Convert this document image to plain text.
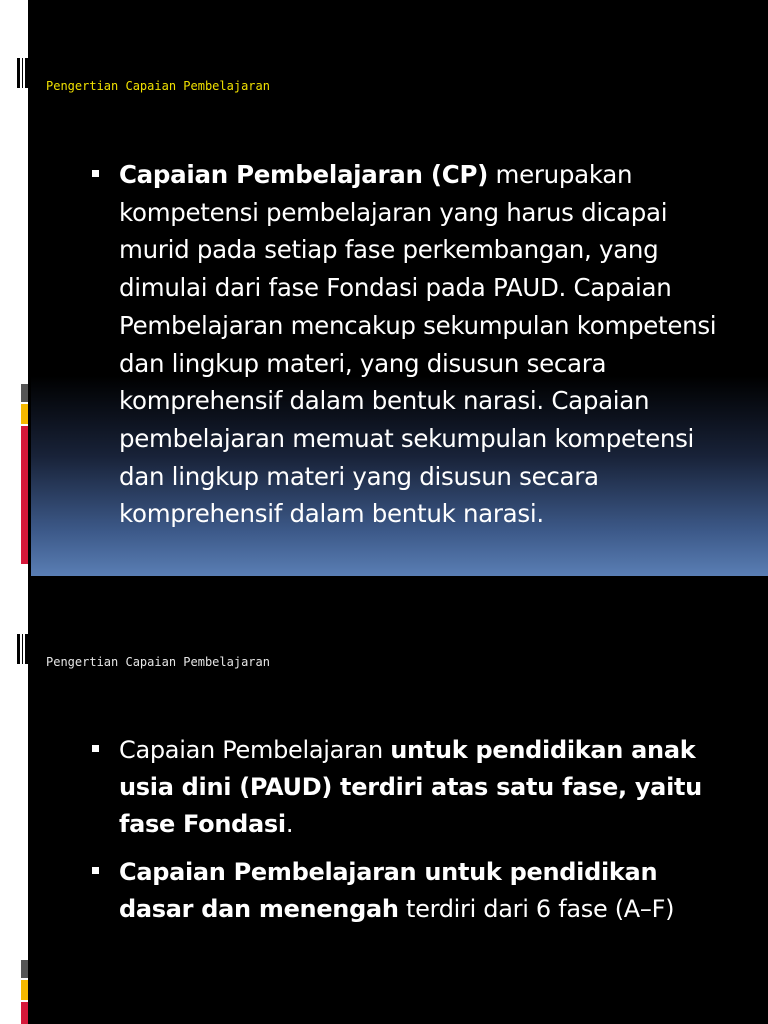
Pengertian Capaian Pembelajaran
Capaian Pembelajaran (CP) merupakan kompetensi pembelajaran yang harus dicapai murid pada setiap fase perkembangan, yang dimulai dari fase Fondasi pada PAUD. Capaian Pembelajaran mencakup sekumpulan kompetensi dan lingkup materi, yang disusun secara komprehensif dalam bentuk narasi. Capaian pembelajaran memuat sekumpulan kompetensi dan lingkup materi yang disusun secara komprehensif dalam bentuk narasi.
Pengertian Capaian Pembelajaran
Capaian Pembelajaran untuk pendidikan anak usia dini (PAUD) terdiri atas satu fase, yaitu fase Fondasi.
Capaian Pembelajaran untuk pendidikan dasar dan menengah terdiri dari 6 fase (A–F)
